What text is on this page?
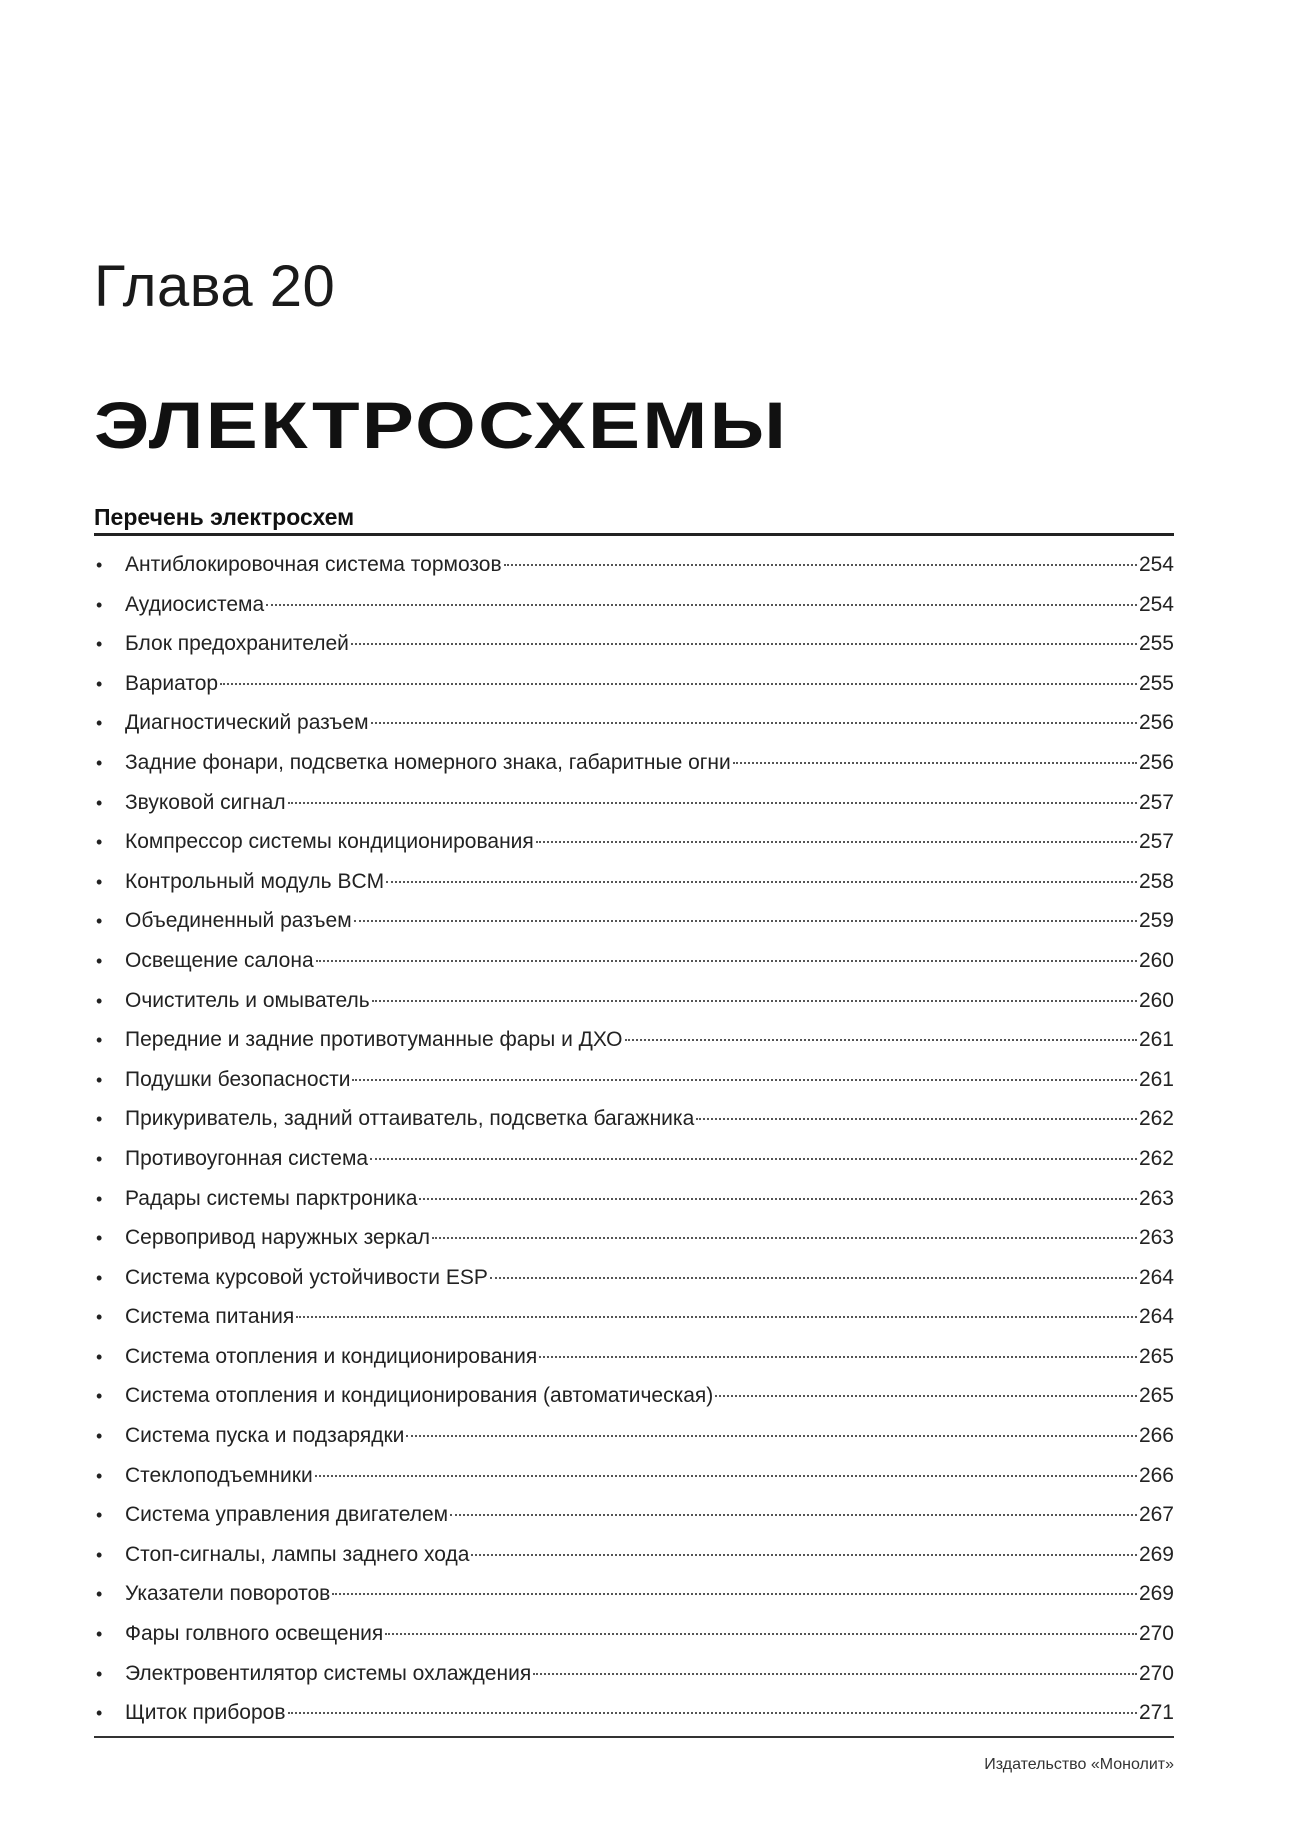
Глава 20
ЭЛЕКТРОСХЕМЫ
Перечень электросхем
•	Антиблокировочная система тормозов	254
•	Аудиосистема	254
•	Блок предохранителей	255
•	Вариатор	255
•	Диагностический разъем	256
•	Задние фонари, подсветка номерного знака, габаритные огни	256
•	Звуковой сигнал	257
•	Компрессор системы кондиционирования	257
•	Контрольный модуль BCM	258
•	Объединенный разъем	259
•	Освещение салона	260
•	Очиститель и омыватель	260
•	Передние и задние противотуманные фары и ДХО	261
•	Подушки безопасности	261
•	Прикуриватель, задний оттаиватель, подсветка багажника	262
•	Противоугонная система	262
•	Радары системы парктроника	263
•	Сервопривод наружных зеркал	263
•	Система курсовой устойчивости ESP	264
•	Система питания	264
•	Система отопления и кондиционирования	265
•	Система отопления и кондиционирования (автоматическая)	265
•	Система пуска и подзарядки	266
•	Стеклоподъемники	266
•	Система управления двигателем	267
•	Стоп-сигналы, лампы заднего хода	269
•	Указатели поворотов	269
•	Фары голвного освещения	270
•	Электровентилятор системы охлаждения	270
•	Щиток приборов	271
Издательство «Монолит»
